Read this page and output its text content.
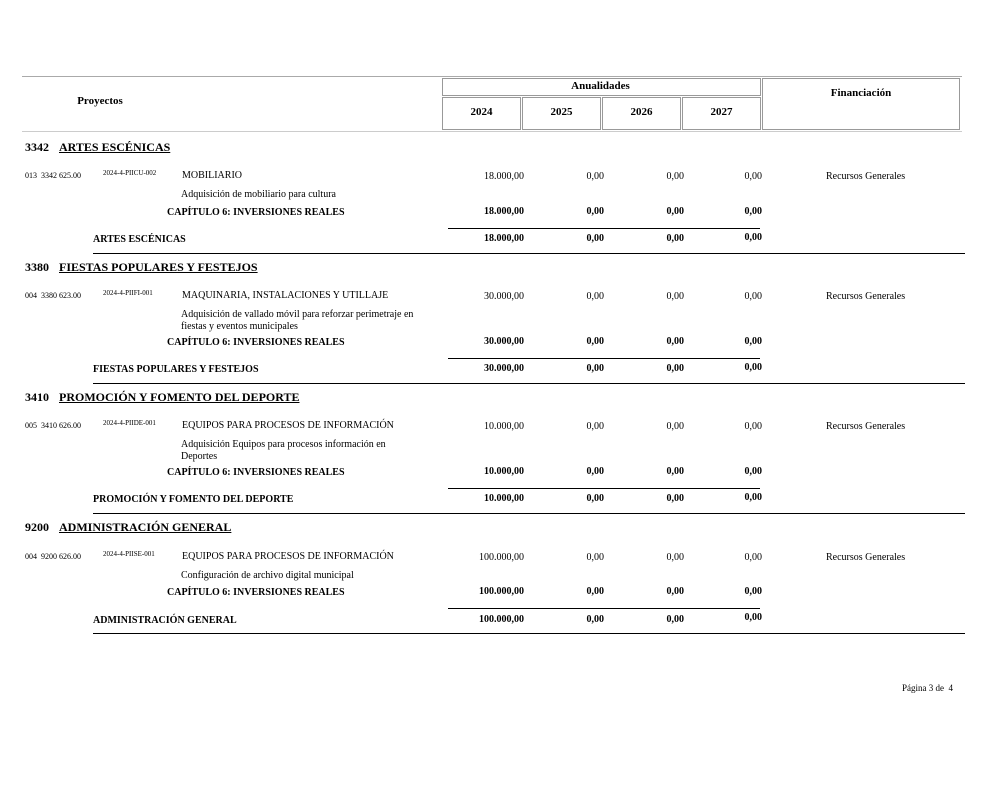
Proyectos
Anualidades
2024	2025	2026	2027
Financiación
3342 ARTES ESCÉNICAS
013  3342 625.00	2024-4-PIICU-002	MOBILIARIO	18.000,00	0,00	0,00	0,00	Recursos Generales
Adquisición de mobiliario para cultura
CAPÍTULO 6: INVERSIONES REALES	18.000,00	0,00	0,00	0,00
ARTES ESCÉNICAS	18.000,00	0,00	0,00	0,00
3380 FIESTAS POPULARES Y FESTEJOS
004  3380 623.00	2024-4-PIIFI-001	MAQUINARIA, INSTALACIONES Y UTILLAJE	30.000,00	0,00	0,00	0,00	Recursos Generales
Adquisición de vallado móvil para reforzar perimetraje en
fiestas y eventos municipales
CAPÍTULO 6: INVERSIONES REALES	30.000,00	0,00	0,00	0,00
FIESTAS POPULARES Y FESTEJOS	30.000,00	0,00	0,00	0,00
3410 PROMOCIÓN Y FOMENTO DEL DEPORTE
005  3410 626.00	2024-4-PIIDE-001	EQUIPOS PARA PROCESOS DE INFORMACIÓN	10.000,00	0,00	0,00	0,00	Recursos Generales
Adquisición Equipos para procesos información en
Deportes
CAPÍTULO 6: INVERSIONES REALES	10.000,00	0,00	0,00	0,00
PROMOCIÓN Y FOMENTO DEL DEPORTE	10.000,00	0,00	0,00	0,00
9200 ADMINISTRACIÓN GENERAL
004  9200 626.00	2024-4-PIISE-001	EQUIPOS PARA PROCESOS DE INFORMACIÓN	100.000,00	0,00	0,00	0,00	Recursos Generales
Configuración de archivo digital municipal
CAPÍTULO 6: INVERSIONES REALES	100.000,00	0,00	0,00	0,00
ADMINISTRACIÓN GENERAL	100.000,00	0,00	0,00	0,00
Página 3 de  4
